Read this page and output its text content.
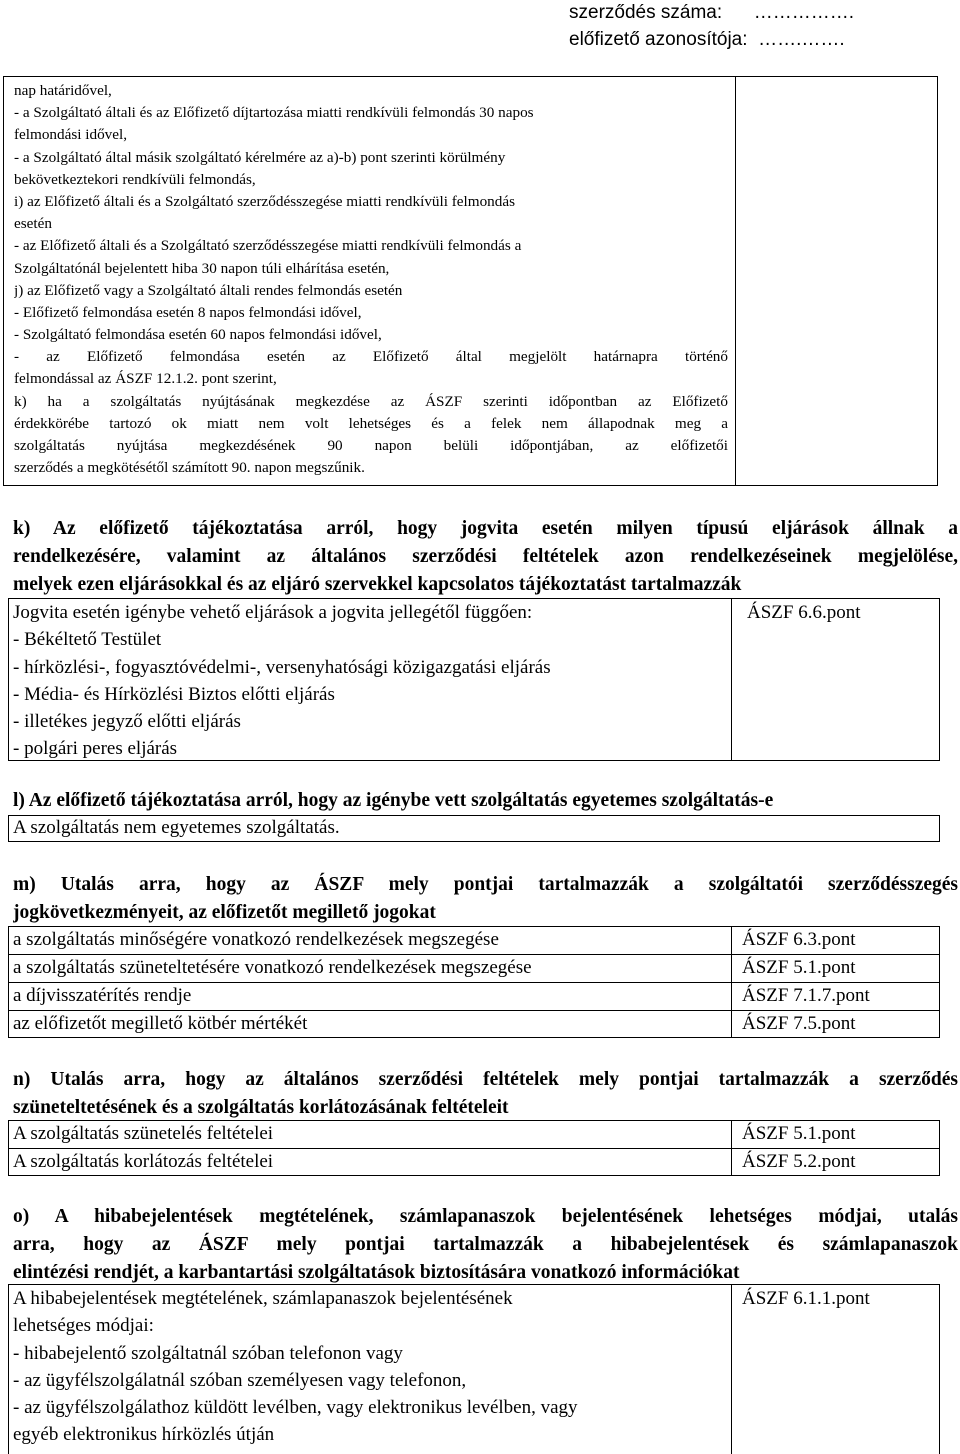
szerződés száma:      …………….
előfizető azonosítója:  …….…….
nap határidővel,
- a Szolgáltató általi és az Előfizető díjtartozása miatti rendkívüli felmondás 30 napos
felmondási idővel,
- a Szolgáltató által másik szolgáltató kérelmére az a)-b) pont szerinti körülmény
bekövetkeztekori rendkívüli felmondás,
i) az Előfizető általi és a Szolgáltató szerződésszegése miatti rendkívüli felmondás
esetén
- az Előfizető általi és a Szolgáltató szerződésszegése miatti rendkívüli felmondás a
Szolgáltatónál bejelentett hiba 30 napon túli elhárítása esetén,
j) az Előfizető vagy a Szolgáltató általi rendes felmondás esetén
- Előfizető felmondása esetén 8 napos felmondási idővel,
- Szolgáltató felmondása esetén 60 napos felmondási idővel,
- az Előfizető felmondása esetén az Előfizető által megjelölt határnapra történő
felmondással az ÁSZF 12.1.2. pont szerint,
k) ha a szolgáltatás nyújtásának megkezdése az ÁSZF szerinti időpontban az Előfizető
érdekkörébe tartozó ok miatt nem volt lehetséges és a felek nem állapodnak meg a
szolgáltatás nyújtása megkezdésének 90 napon belüli időpontjában, az előfizetői
szerződés a megkötésétől számított 90. napon megszűnik.
k) Az előfizető tájékoztatása arról, hogy jogvita esetén milyen típusú eljárások állnak a
rendelkezésére, valamint az általános szerződési feltételek azon rendelkezéseinek megjelölése,
melyek ezen eljárásokkal és az eljáró szervekkel kapcsolatos tájékoztatást tartalmazzák
Jogvita esetén igénybe vehető eljárások a jogvita jellegétől függően:
- Békéltető Testület
- hírközlési-, fogyasztóvédelmi-, versenyhatósági közigazgatási eljárás
- Média- és Hírközlési Biztos előtti eljárás
- illetékes jegyző előtti eljárás
- polgári peres eljárás
ÁSZF 6.6.pont
l) Az előfizető tájékoztatása arról, hogy az igénybe vett szolgáltatás egyetemes szolgáltatás-e
A szolgáltatás nem egyetemes szolgáltatás.
m) Utalás arra, hogy az ÁSZF mely pontjai tartalmazzák a szolgáltatói szerződésszegés
jogkövetkezményeit, az előfizetőt megillető jogokat
a szolgáltatás minőségére vonatkozó rendelkezések megszegése	ÁSZF 6.3.pont
a szolgáltatás szüneteltetésére vonatkozó rendelkezések megszegése	ÁSZF 5.1.pont
a díjvisszatérítés rendje	ÁSZF 7.1.7.pont
az előfizetőt megillető kötbér mértékét	ÁSZF 7.5.pont
n) Utalás arra, hogy az általános szerződési feltételek mely pontjai tartalmazzák a szerződés
szüneteltetésének és a szolgáltatás korlátozásának feltételeit
A szolgáltatás szünetelés feltételei	ÁSZF 5.1.pont
A szolgáltatás korlátozás feltételei	ÁSZF 5.2.pont
o) A hibabejelentések megtételének, számlapanaszok bejelentésének lehetséges módjai, utalás
arra, hogy az ÁSZF mely pontjai tartalmazzák a hibabejelentések és számlapanaszok
elintézési rendjét, a karbantartási szolgáltatások biztosítására vonatkozó információkat
A hibabejelentések megtételének, számlapanaszok bejelentésének
lehetséges módjai:
- hibabejelentő szolgáltatnál szóban telefonon vagy
- az ügyfélszolgálatnál szóban személyesen vagy telefonon,
- az ügyfélszolgálathoz küldött levélben, vagy elektronikus levélben, vagy
egyéb elektronikus hírközlés útján
ÁSZF 6.1.1.pont
